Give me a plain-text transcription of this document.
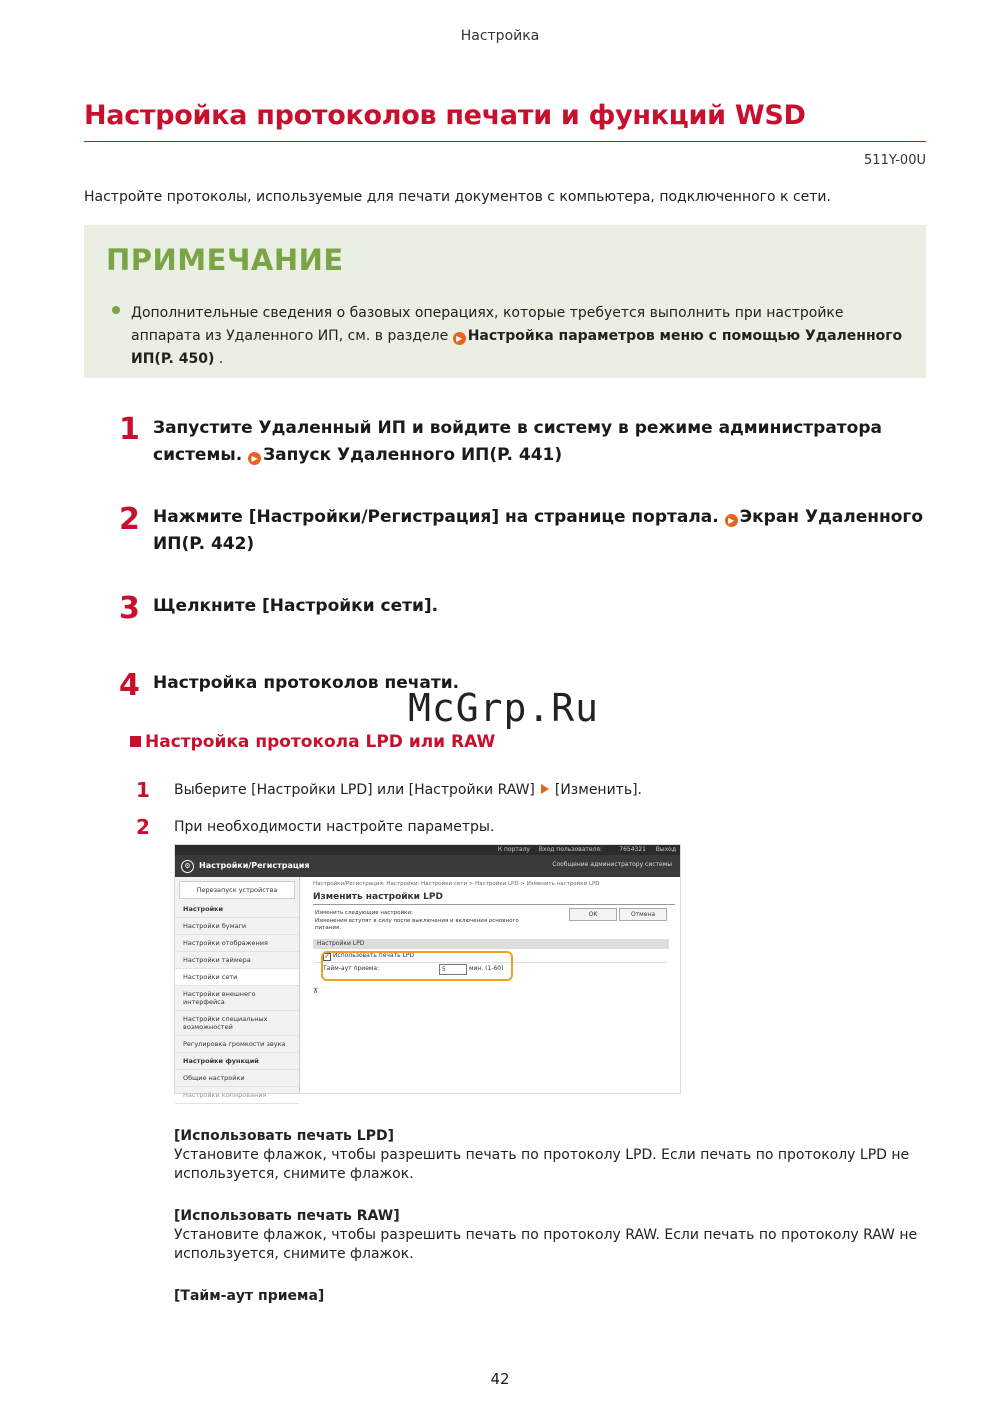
Настройка
Настройка протоколов печати и функций WSD
511Y-00U
Настройте протоколы, используемые для печати документов с компьютера, подключенного к сети.
ПРИМЕЧАНИЕ
Дополнительные сведения о базовых операциях, которые требуется выполнить при настройке аппарата из Удаленного ИП, см. в разделе ▶ Настройка параметров меню с помощью Удаленного ИП(P. 450) .
1 Запустите Удаленный ИП и войдите в систему в режиме администратора системы. ▶ Запуск Удаленного ИП(P. 441)
2 Нажмите [Настройки/Регистрация] на странице портала. ▶ Экран Удаленного ИП(P. 442)
3 Щелкните [Настройки сети].
4 Настройка протоколов печати.
McGrp.Ru
Настройка протокола LPD или RAW
1 Выберите [Настройки LPD] или [Настройки RAW] [Изменить].
2 При необходимости настройте параметры.
К порталу Вход пользователя:	7654321 Выход
⚙	Настройки/Регистрация	Сообщение администратору системы
Перезапуск устройства
Настройки
Настройки бумаги
Настройки отображения
Настройки таймера
Настройки сети
Настройки внешнего интерфейса
Настройки специальных возможностей
Регулировка громкости звука
Настройки функций
Общие настройки
Настройки копирования
Настройки/Регистрация: Настройки: Настройки сети > Настройки LPD > Изменить настройки LPD
Изменить настройки LPD
Изменить следующие настройки:
Изменения вступят в силу после выключения и включения основного питания.
OK	Отмена
Настройки LPD
✓ Использовать печать LPD
Тайм-аут приема:	5	мин. (1-60)
⊼
[Использовать печать LPD]
Установите флажок, чтобы разрешить печать по протоколу LPD. Если печать по протоколу LPD не используется, снимите флажок.
[Использовать печать RAW]
Установите флажок, чтобы разрешить печать по протоколу RAW. Если печать по протоколу RAW не используется, снимите флажок.
[Тайм-аут приема]
42
